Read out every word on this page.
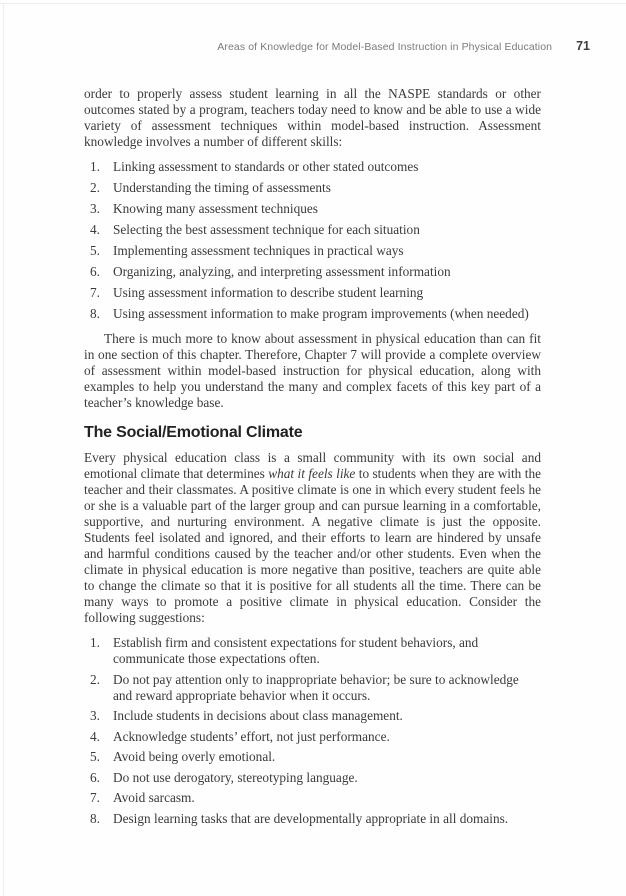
Areas of Knowledge for Model-Based Instruction in Physical Education 71

order to properly assess student learning in all the NASPE standards or other outcomes stated by a program, teachers today need to know and be able to use a wide variety of assessment techniques within model-based instruction. Assessment knowledge involves a number of different skills:

1. Linking assessment to standards or other stated outcomes
2. Understanding the timing of assessments
3. Knowing many assessment techniques
4. Selecting the best assessment technique for each situation
5. Implementing assessment techniques in practical ways
6. Organizing, analyzing, and interpreting assessment information
7. Using assessment information to describe student learning
8. Using assessment information to make program improvements (when needed)

There is much more to know about assessment in physical education than can fit in one section of this chapter. Therefore, Chapter 7 will provide a complete overview of assessment within model-based instruction for physical education, along with examples to help you understand the many and complex facets of this key part of a teacher’s knowledge base.

The Social/Emotional Climate

Every physical education class is a small community with its own social and emotional climate that determines what it feels like to students when they are with the teacher and their classmates. A positive climate is one in which every student feels he or she is a valuable part of the larger group and can pursue learning in a comfortable, supportive, and nurturing environment. A negative climate is just the opposite. Students feel isolated and ignored, and their efforts to learn are hindered by unsafe and harmful conditions caused by the teacher and/or other students. Even when the climate in physical education is more negative than positive, teachers are quite able to change the climate so that it is positive for all students all the time. There can be many ways to promote a positive climate in physical education. Consider the following suggestions:

1. Establish firm and consistent expectations for student behaviors, and communicate those expectations often.
2. Do not pay attention only to inappropriate behavior; be sure to acknowledge and reward appropriate behavior when it occurs.
3. Include students in decisions about class management.
4. Acknowledge students’ effort, not just performance.
5. Avoid being overly emotional.
6. Do not use derogatory, stereotyping language.
7. Avoid sarcasm.
8. Design learning tasks that are developmentally appropriate in all domains.
